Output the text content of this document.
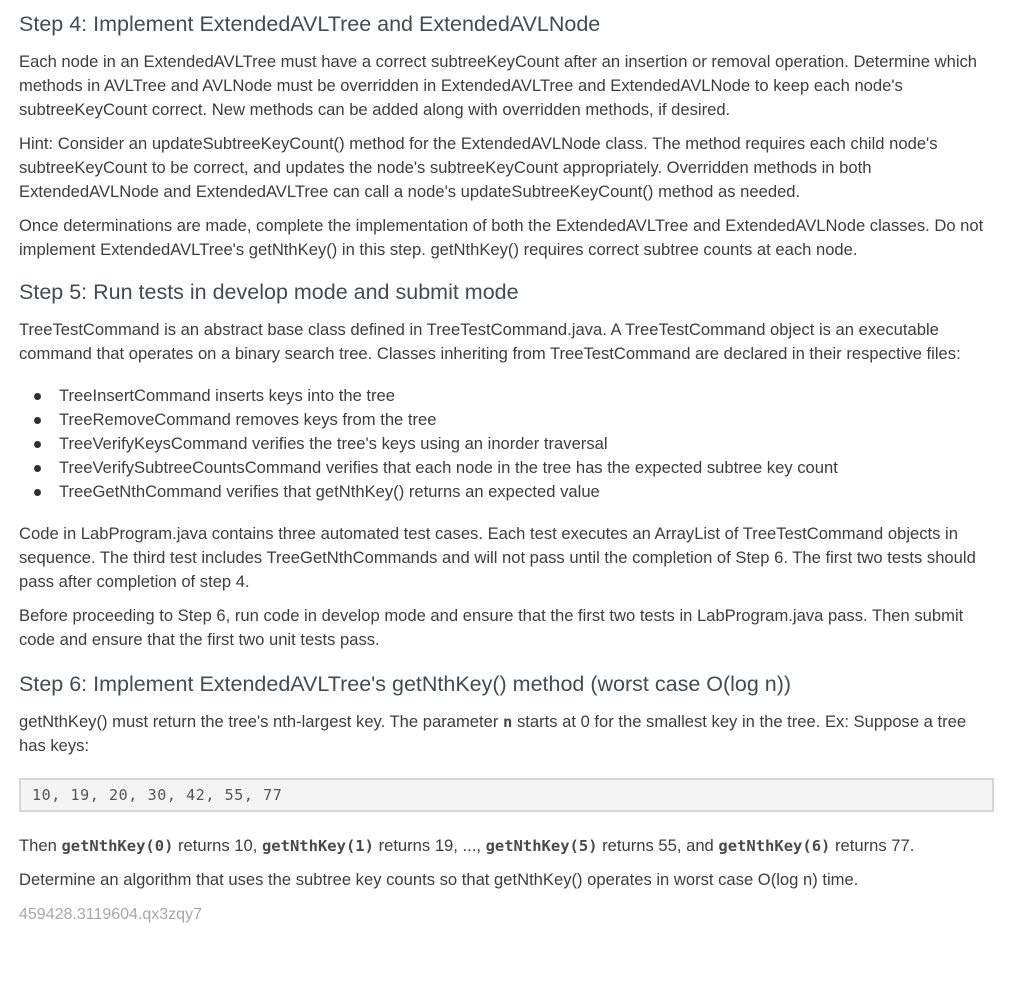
Step 4: Implement ExtendedAVLTree and ExtendedAVLNode

Each node in an ExtendedAVLTree must have a correct subtreeKeyCount after an insertion or removal operation. Determine which methods in AVLTree and AVLNode must be overridden in ExtendedAVLTree and ExtendedAVLNode to keep each node's subtreeKeyCount correct. New methods can be added along with overridden methods, if desired.

Hint: Consider an updateSubtreeKeyCount() method for the ExtendedAVLNode class. The method requires each child node's subtreeKeyCount to be correct, and updates the node's subtreeKeyCount appropriately. Overridden methods in both ExtendedAVLNode and ExtendedAVLTree can call a node's updateSubtreeKeyCount() method as needed.

Once determinations are made, complete the implementation of both the ExtendedAVLTree and ExtendedAVLNode classes. Do not implement ExtendedAVLTree's getNthKey() in this step. getNthKey() requires correct subtree counts at each node.

Step 5: Run tests in develop mode and submit mode

TreeTestCommand is an abstract base class defined in TreeTestCommand.java. A TreeTestCommand object is an executable command that operates on a binary search tree. Classes inheriting from TreeTestCommand are declared in their respective files:

TreeInsertCommand inserts keys into the tree
TreeRemoveCommand removes keys from the tree
TreeVerifyKeysCommand verifies the tree's keys using an inorder traversal
TreeVerifySubtreeCountsCommand verifies that each node in the tree has the expected subtree key count
TreeGetNthCommand verifies that getNthKey() returns an expected value

Code in LabProgram.java contains three automated test cases. Each test executes an ArrayList of TreeTestCommand objects in sequence. The third test includes TreeGetNthCommands and will not pass until the completion of Step 6. The first two tests should pass after completion of step 4.

Before proceeding to Step 6, run code in develop mode and ensure that the first two tests in LabProgram.java pass. Then submit code and ensure that the first two unit tests pass.

Step 6: Implement ExtendedAVLTree's getNthKey() method (worst case O(log n))

getNthKey() must return the tree's nth-largest key. The parameter n starts at 0 for the smallest key in the tree. Ex: Suppose a tree has keys:

10, 19, 20, 30, 42, 55, 77

Then getNthKey(0) returns 10, getNthKey(1) returns 19, ..., getNthKey(5) returns 55, and getNthKey(6) returns 77.

Determine an algorithm that uses the subtree key counts so that getNthKey() operates in worst case O(log n) time.

459428.3119604.qx3zqy7
